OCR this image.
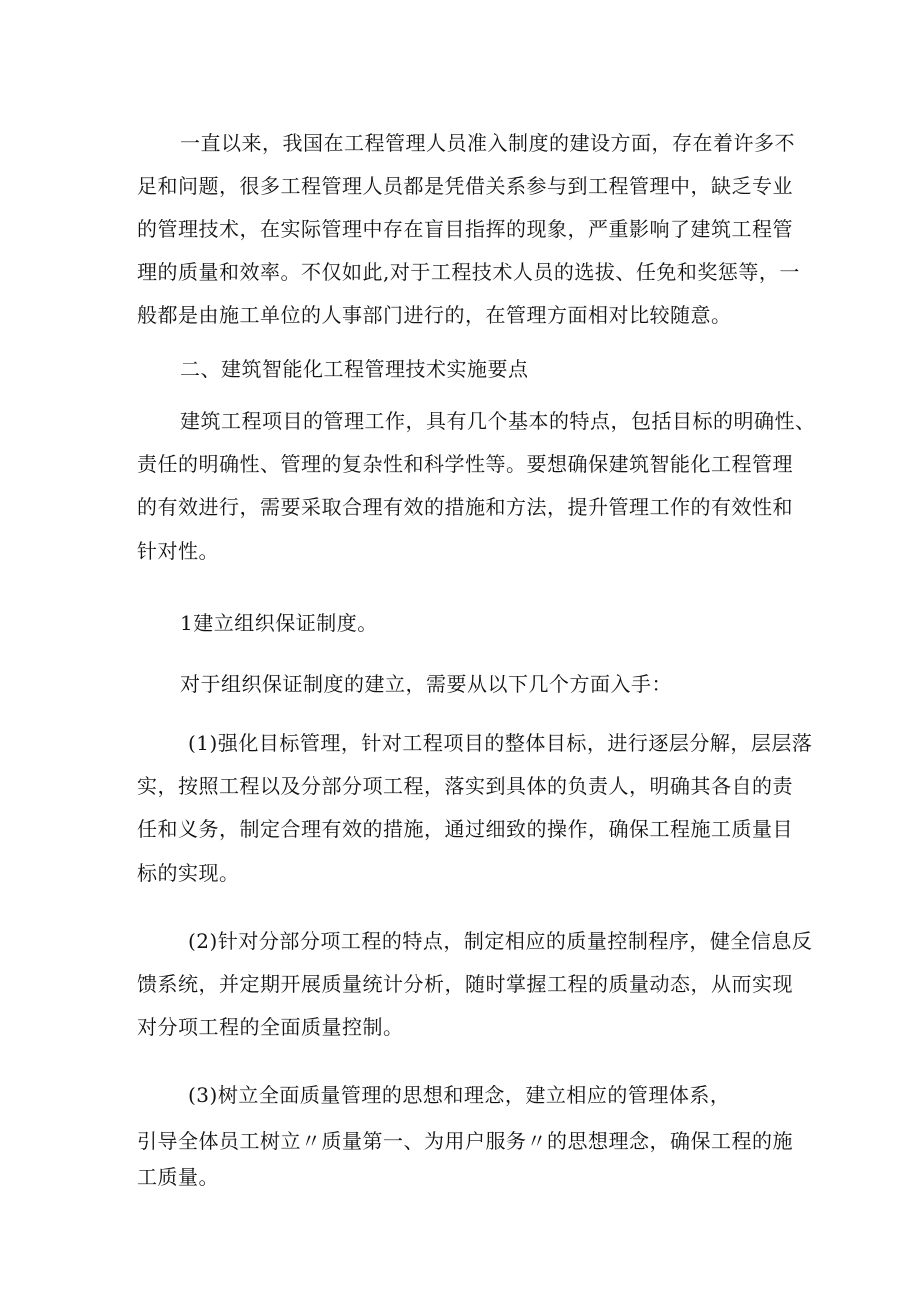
一直以来，我国在工程管理人员准入制度的建设方面，存在着许多不
足和问题，很多工程管理人员都是凭借关系参与到工程管理中，缺乏专业
的管理技术，在实际管理中存在盲目指挥的现象，严重影响了建筑工程管
理的质量和效率。不仅如此,对于工程技术人员的选拔、任免和奖惩等，一
般都是由施工单位的人事部门进行的，在管理方面相对比较随意。
二、建筑智能化工程管理技术实施要点
建筑工程项目的管理工作，具有几个基本的特点，包括目标的明确性、
责任的明确性、管理的复杂性和科学性等。要想确保建筑智能化工程管理
的有效进行，需要采取合理有效的措施和方法，提升管理工作的有效性和
针对性。
1建立组织保证制度。
对于组织保证制度的建立，需要从以下几个方面入手：
(1)强化目标管理，针对工程项目的整体目标，进行逐层分解，层层落
实，按照工程以及分部分项工程，落实到具体的负责人，明确其各自的责
任和义务，制定合理有效的措施，通过细致的操作，确保工程施工质量目
标的实现。
(2)针对分部分项工程的特点，制定相应的质量控制程序，健全信息反
馈系统，并定期开展质量统计分析，随时掌握工程的质量动态，从而实现
对分项工程的全面质量控制。
(3)树立全面质量管理的思想和理念，建立相应的管理体系，
引导全体员工树立〃质量第一、为用户服务〃的思想理念，确保工程的施
工质量。
